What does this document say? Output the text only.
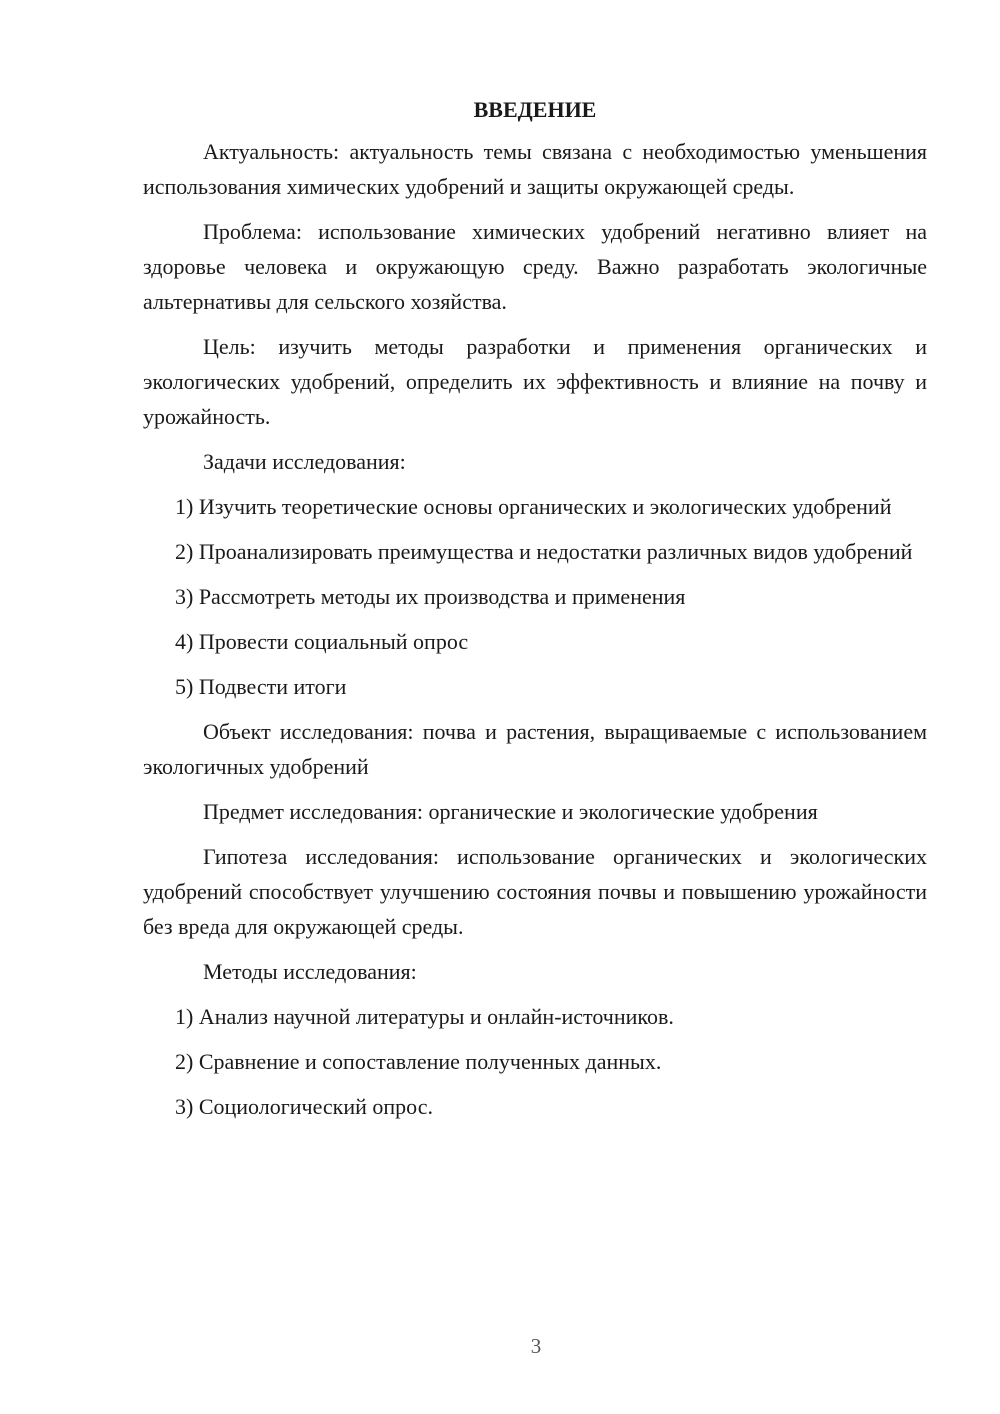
ВВЕДЕНИЕ

Актуальность: актуальность темы связана с необходимостью уменьшения использования химических удобрений и защиты окружающей среды.

Проблема: использование химических удобрений негативно влияет на здоровье человека и окружающую среду. Важно разработать экологичные альтернативы для сельского хозяйства.

Цель: изучить методы разработки и применения органических и экологических удобрений, определить их эффективность и влияние на почву и урожайность.

Задачи исследования:

1) Изучить теоретические основы органических и экологических удобрений

2) Проанализировать преимущества и недостатки различных видов удобрений

3) Рассмотреть методы их производства и применения

4) Провести социальный опрос

5) Подвести итоги

Объект исследования: почва и растения, выращиваемые с использованием экологичных удобрений

Предмет исследования: органические и экологические удобрения

Гипотеза исследования: использование органических и экологических удобрений способствует улучшению состояния почвы и повышению урожайности без вреда для окружающей среды.

Методы исследования:

1) Анализ научной литературы и онлайн-источников.

2) Сравнение и сопоставление полученных данных.

3) Социологический опрос.

3
